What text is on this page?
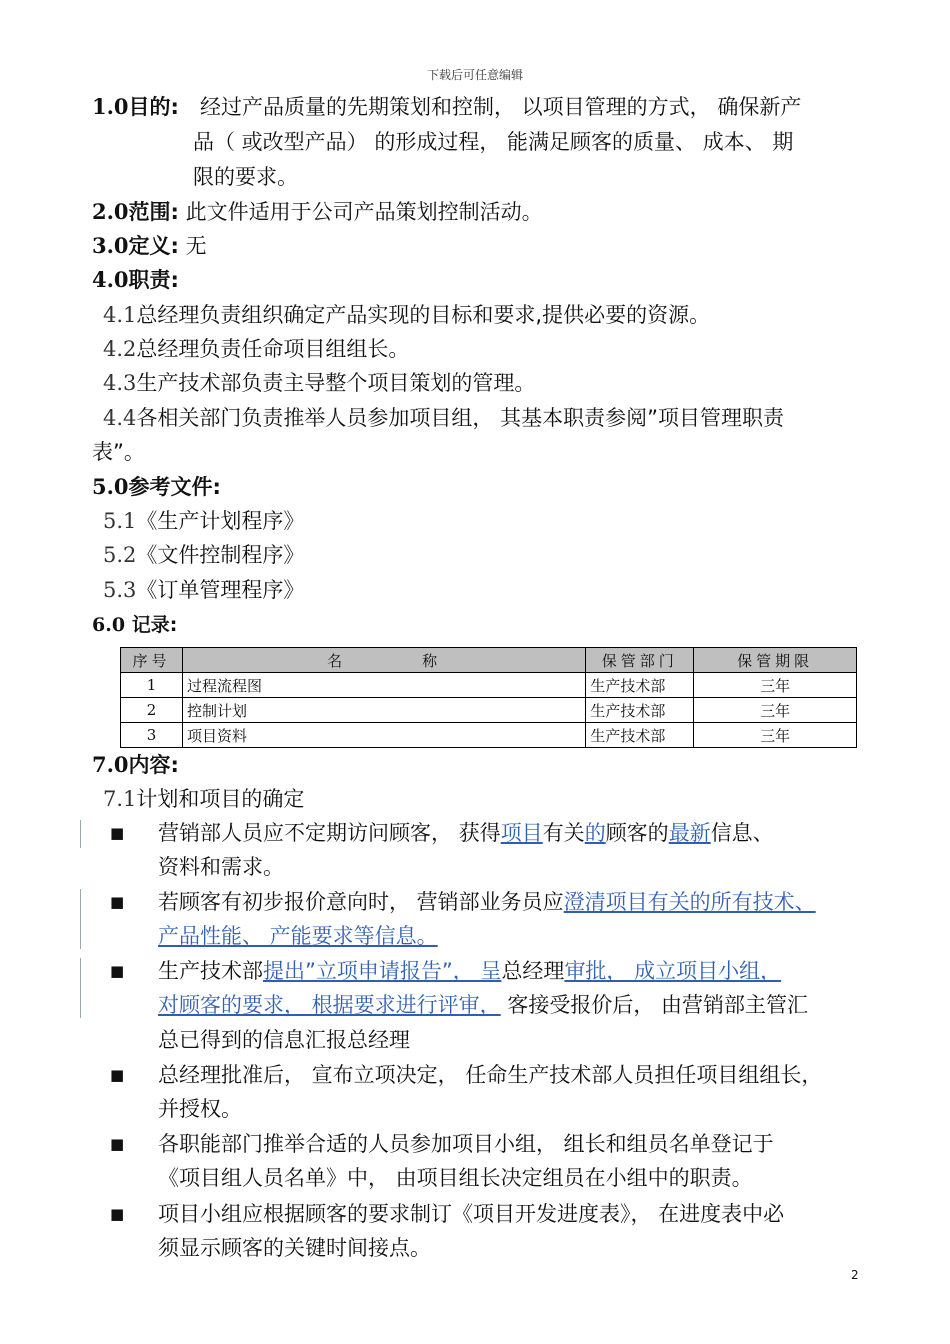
下载后可任意编辑
1.0目的: 经过产品质量的先期策划和控制， 以项目管理的方式， 确保新产
品（ 或改型产品） 的形成过程， 能满足顾客的质量、 成本、 期
限的要求。
2.0范围: 此文件适用于公司产品策划控制活动。
3.0定义: 无
4.0职责:
4.1总经理负责组织确定产品实现的目标和要求,提供必要的资源。
4.2总经理负责任命项目组组长。
4.3生产技术部负责主导整个项目策划的管理。
4.4各相关部门负责推举人员参加项目组， 其基本职责参阅”项目管理职责
表”。
5.0参考文件:
5.1《生产计划程序》
5.2《文件控制程序》
5.3《订单管理程序》
6.0 记录:
序号	名　　　　称	保管部门	保管期限
1	过程流程图	生产技术部	三年
2	控制计划	生产技术部	三年
3	项目资料	生产技术部	三年
7.0内容:
7.1计划和项目的确定
■ 营销部人员应不定期访问顾客， 获得项目有关的顾客的最新信息、
资料和需求。
■ 若顾客有初步报价意向时， 营销部业务员应澄清项目有关的所有技术、
产品性能、 产能要求等信息。
■ 生产技术部提出”立项申请报告”， 呈总经理审批， 成立项目小组，
对顾客的要求， 根据要求进行评审， 客接受报价后， 由营销部主管汇
总已得到的信息汇报总经理
■ 总经理批准后， 宣布立项决定， 任命生产技术部人员担任项目组组长，
并授权。
■ 各职能部门推举合适的人员参加项目小组， 组长和组员名单登记于
《项目组人员名单》中， 由项目组长决定组员在小组中的职责。
■ 项目小组应根据顾客的要求制订《项目开发进度表》， 在进度表中必
须显示顾客的关键时间接点。
2
